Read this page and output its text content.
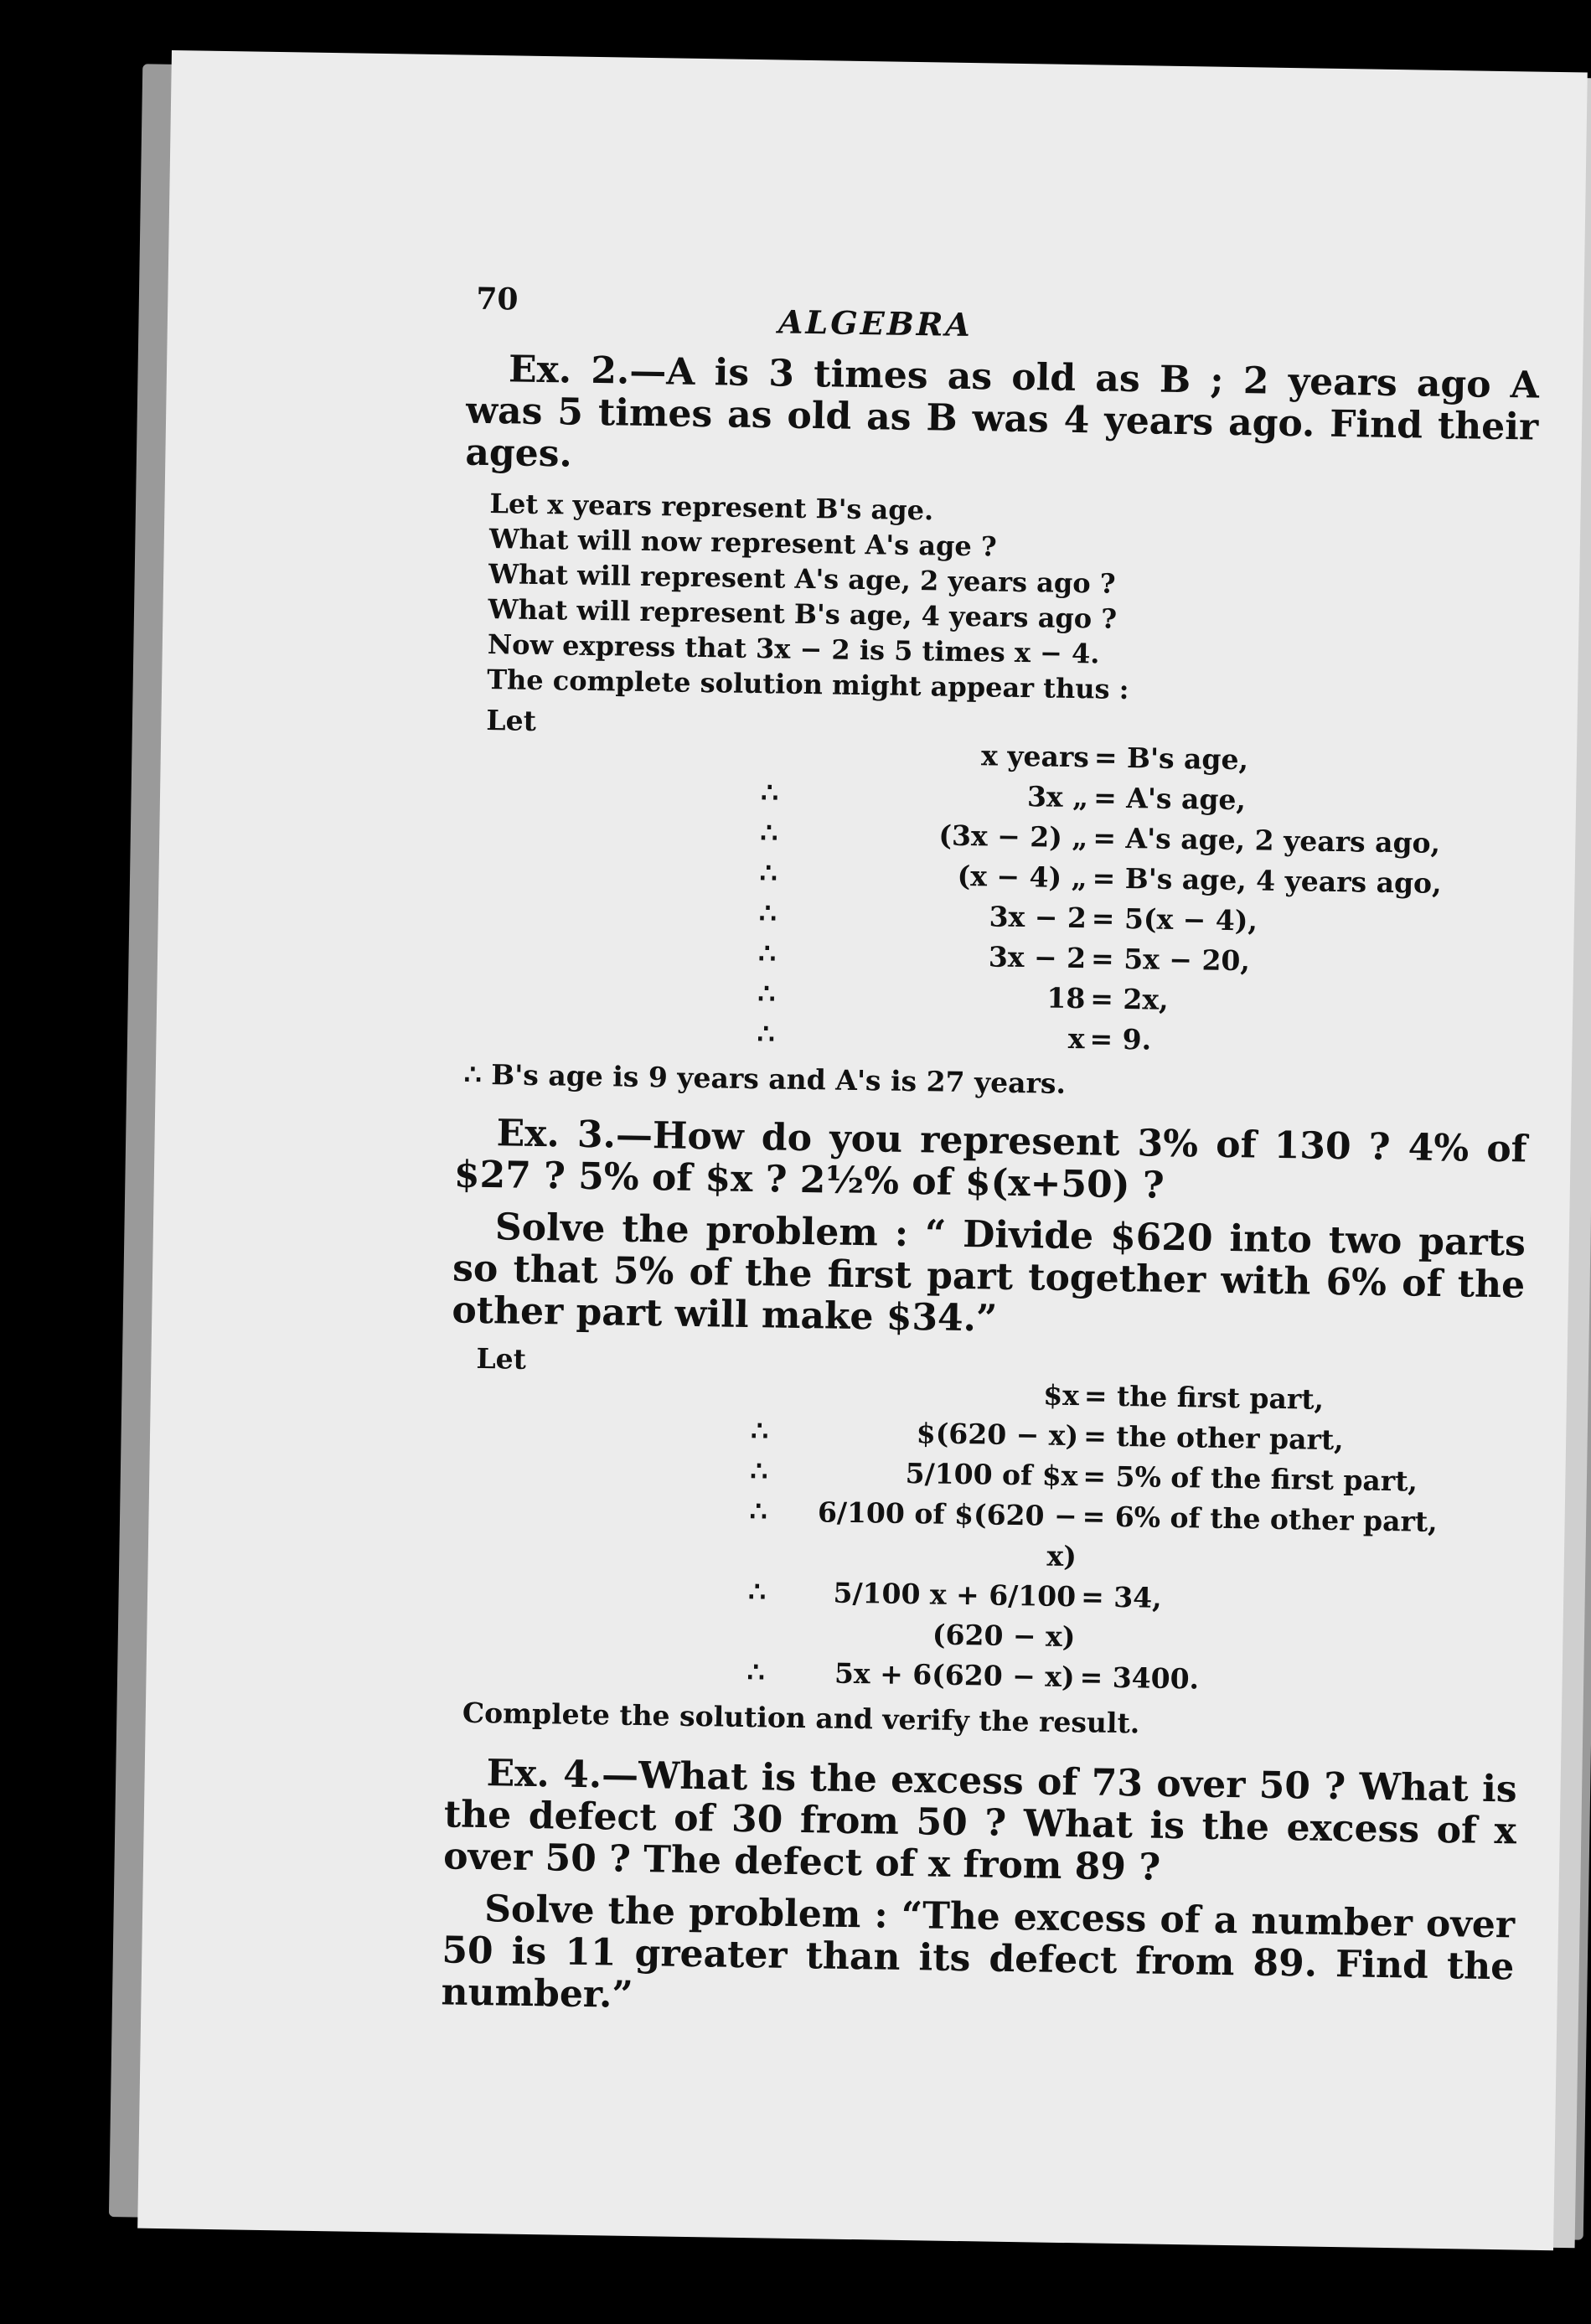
70
ALGEBRA

Ex. 2.—A is 3 times as old as B ; 2 years ago A was 5 times as old as B was 4 years ago. Find their ages.

Let x years represent B's age.
What will now represent A's age ?
What will represent A's age, 2 years ago ?
What will represent B's age, 4 years ago ?
Now express that 3x − 2 is 5 times x − 4.
The complete solution might appear thus :
Let
x years = B's age,
∴	3x „ = A's age,
∴	(3x − 2) „ = A's age, 2 years ago,
∴	(x − 4) „ = B's age, 4 years ago,
∴	3x − 2 = 5(x − 4),
∴	3x − 2 = 5x − 20,
∴	18 = 2x,
∴	x = 9.
∴ B's age is 9 years and A's is 27 years.

Ex. 3.—How do you represent 3% of 130 ? 4% of $27 ? 5% of $x ? 2½% of $(x+50) ?

Solve the problem : “ Divide $620 into two parts so that 5% of the first part together with 6% of the other part will make $34.”

Let
$x = the first part,
∴	$(620 − x) = the other part,
∴	5/100 of $x = 5% of the first part,
∴	6/100 of $(620 − x)
= 6% of the other part,
∴	5/100 x + 6/100 (620 − x)
= 34,
∴	5x + 6(620 − x) = 3400.
Complete the solution and verify the result.

Ex. 4.—What is the excess of 73 over 50 ? What is the defect of 30 from 50 ? What is the excess of x over 50 ? The defect of x from 89 ?

Solve the problem : “The excess of a number over 50 is 11 greater than its defect from 89. Find the number.”
